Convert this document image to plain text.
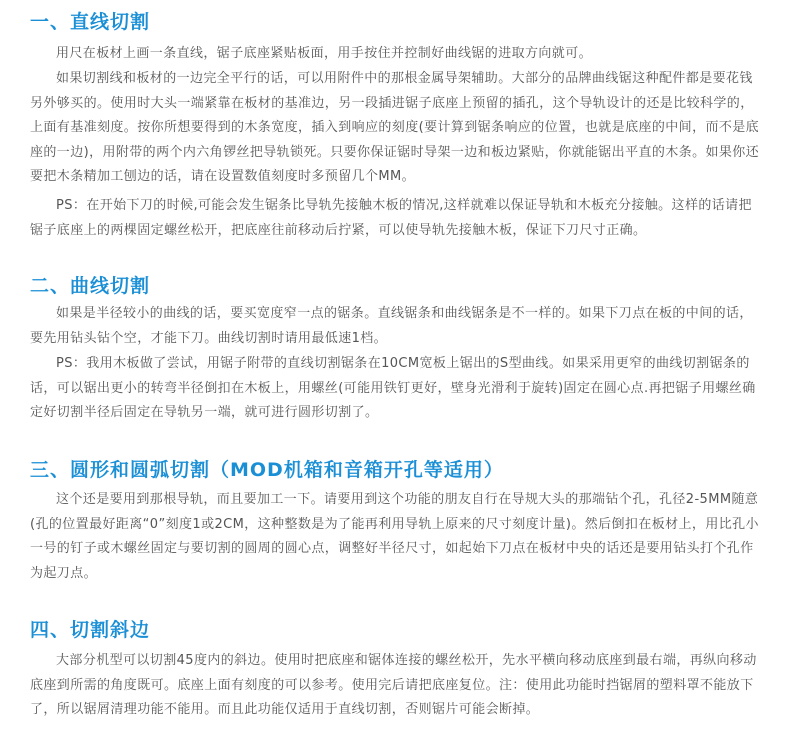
一、直线切割

用尺在板材上画一条直线，锯子底座紧贴板面，用手按住并控制好曲线锯的进取方向就可。

如果切割线和板材的一边完全平行的话，可以用附件中的那根金属导架辅助。大部分的品牌曲线锯这种配件都是要花钱另外够买的。使用时大头一端紧靠在板材的基准边，另一段插进锯子底座上预留的插孔，这个导轨设计的还是比较科学的，上面有基准刻度。按你所想要得到的木条宽度，插入到响应的刻度(要计算到锯条响应的位置，也就是底座的中间，而不是底座的一边)，用附带的两个内六角锣丝把导轨锁死。只要你保证锯时导架一边和板边紧贴，你就能锯出平直的木条。如果你还要把木条精加工刨边的话，请在设置数值刻度时多预留几个MM。

PS：在开始下刀的时候,可能会发生锯条比导轨先接触木板的情况,这样就难以保证导轨和木板充分接触。这样的话请把锯子底座上的两棵固定螺丝松开，把底座往前移动后拧紧，可以使导轨先接触木板，保证下刀尺寸正确。

二、曲线切割

如果是半径较小的曲线的话，要买宽度窄一点的锯条。直线锯条和曲线锯条是不一样的。如果下刀点在板的中间的话，要先用钻头钻个空，才能下刀。曲线切割时请用最低速1档。

PS：我用木板做了尝试，用锯子附带的直线切割锯条在10CM宽板上锯出的S型曲线。如果采用更窄的曲线切割锯条的话，可以锯出更小的转弯半径倒扣在木板上，用螺丝(可能用铁钉更好，壁身光滑利于旋转)固定在圆心点.再把锯子用螺丝确定好切割半径后固定在导轨另一端，就可进行圆形切割了。

三、圆形和圆弧切割（MOD机箱和音箱开孔等适用）

这个还是要用到那根导轨，而且要加工一下。请要用到这个功能的朋友自行在导规大头的那端钻个孔，孔径2-5MM随意(孔的位置最好距离“0”刻度1或2CM，这种整数是为了能再利用导轨上原来的尺寸刻度计量)。然后倒扣在板材上，用比孔小一号的钉子或木螺丝固定与要切割的圆周的圆心点，调整好半径尺寸，如起始下刀点在板材中央的话还是要用钻头打个孔作为起刀点。

四、切割斜边

大部分机型可以切割45度内的斜边。使用时把底座和锯体连接的螺丝松开，先水平横向移动底座到最右端，再纵向移动底座到所需的角度既可。底座上面有刻度的可以参考。使用完后请把底座复位。注：使用此功能时挡锯屑的塑料罩不能放下了，所以锯屑清理功能不能用。而且此功能仅适用于直线切割，否则锯片可能会断掉。
